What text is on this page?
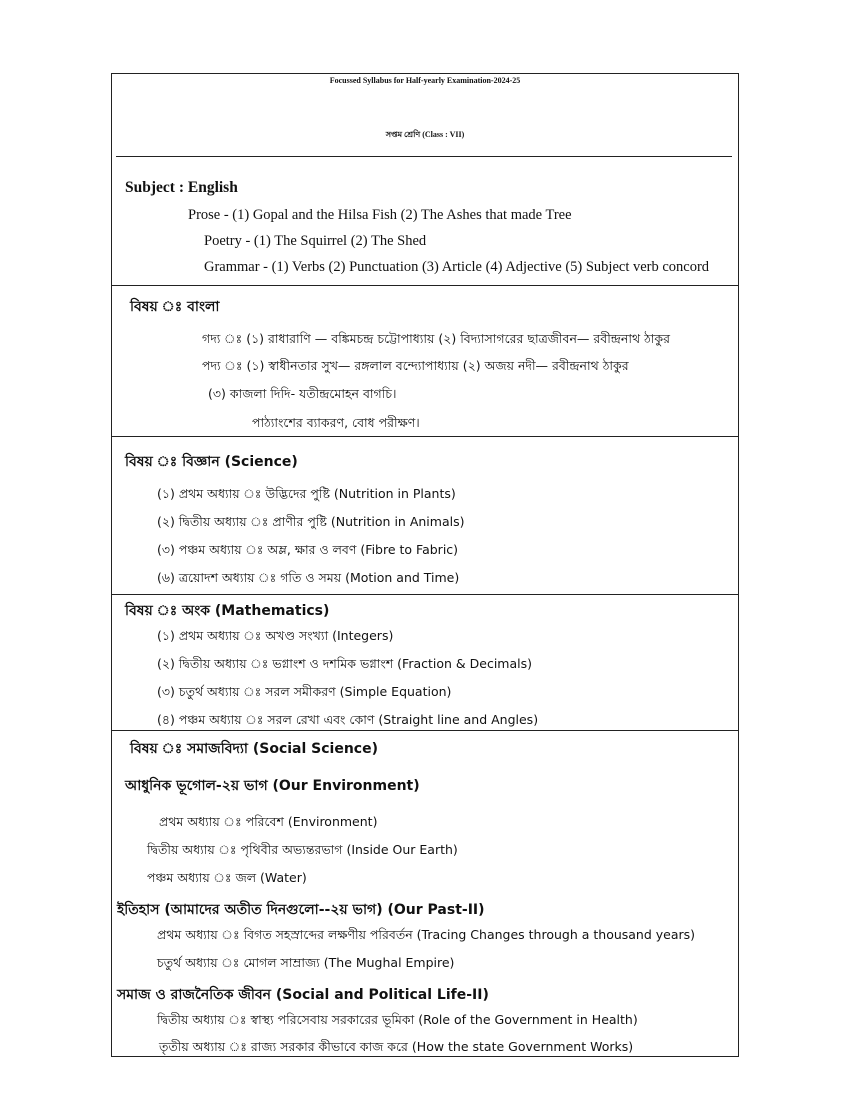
Focussed Syllabus for Half-yearly Examination-2024-25
সপ্তম শ্রেণি (Class : VII)
Subject : English
Prose - (1) Gopal and the Hilsa Fish (2) The Ashes that made Tree
Poetry - (1) The Squirrel (2) The Shed
Grammar - (1) Verbs (2) Punctuation (3) Article (4) Adjective (5) Subject verb concord
বিষয় ঃ বাংলা
গদ্য ঃ (১) রাধারাণি — বঙ্কিমচন্দ্র চট্টোপাধ্যায় (২) বিদ্যাসাগরের ছাত্রজীবন— রবীন্দ্রনাথ ঠাকুর
পদ্য ঃ (১) স্বাধীনতার সুখ— রঙ্গলাল বন্দ্যোপাধ্যায় (২) অজয় নদী— রবীন্দ্রনাথ ঠাকুর
(৩) কাজলা দিদি- যতীন্দ্রমোহন বাগচি।
পাঠ্যাংশের ব্যাকরণ, বোধ পরীক্ষণ।
বিষয় ঃ বিজ্ঞান (Science)
(১) প্রথম অধ্যায় ঃ উদ্ভিদের পুষ্টি (Nutrition in Plants)
(২) দ্বিতীয় অধ্যায় ঃ প্রাণীর পুষ্টি (Nutrition in Animals)
(৩) পঞ্চম অধ্যায় ঃ অম্ল, ক্ষার ও লবণ (Fibre to Fabric)
(৬) ত্রয়োদশ অধ্যায় ঃ গতি ও সময় (Motion and Time)
বিষয় ঃ অংক (Mathematics)
(১) প্রথম অধ্যায় ঃ অখণ্ড সংখ্যা (Integers)
(২) দ্বিতীয় অধ্যায় ঃ ভগ্নাংশ ও দশমিক ভগ্নাংশ (Fraction & Decimals)
(৩) চতুর্থ অধ্যায় ঃ সরল সমীকরণ (Simple Equation)
(৪) পঞ্চম অধ্যায় ঃ সরল রেখা এবং কোণ (Straight line and Angles)
বিষয় ঃ সমাজবিদ্যা (Social Science)
আধুনিক ভূগোল-২য় ভাগ (Our Environment)
প্রথম অধ্যায় ঃ পরিবেশ (Environment)
দ্বিতীয় অধ্যায় ঃ পৃথিবীর অভ্যন্তরভাগ (Inside Our Earth)
পঞ্চম অধ্যায় ঃ জল (Water)
ইতিহাস (আমাদের অতীত দিনগুলো--২য় ভাগ) (Our Past-II)
প্রথম অধ্যায় ঃ বিগত সহস্রাব্দের লক্ষণীয় পরিবর্তন (Tracing Changes through a thousand years)
চতুর্থ অধ্যায় ঃ মোগল সাম্রাজ্য (The Mughal Empire)
সমাজ ও রাজনৈতিক জীবন (Social and Political Life-II)
দ্বিতীয় অধ্যায় ঃ স্বাস্থ্য পরিসেবায় সরকারের ভূমিকা (Role of the Government in Health)
তৃতীয় অধ্যায় ঃ রাজ্য সরকার কীভাবে কাজ করে (How the state Government Works)
